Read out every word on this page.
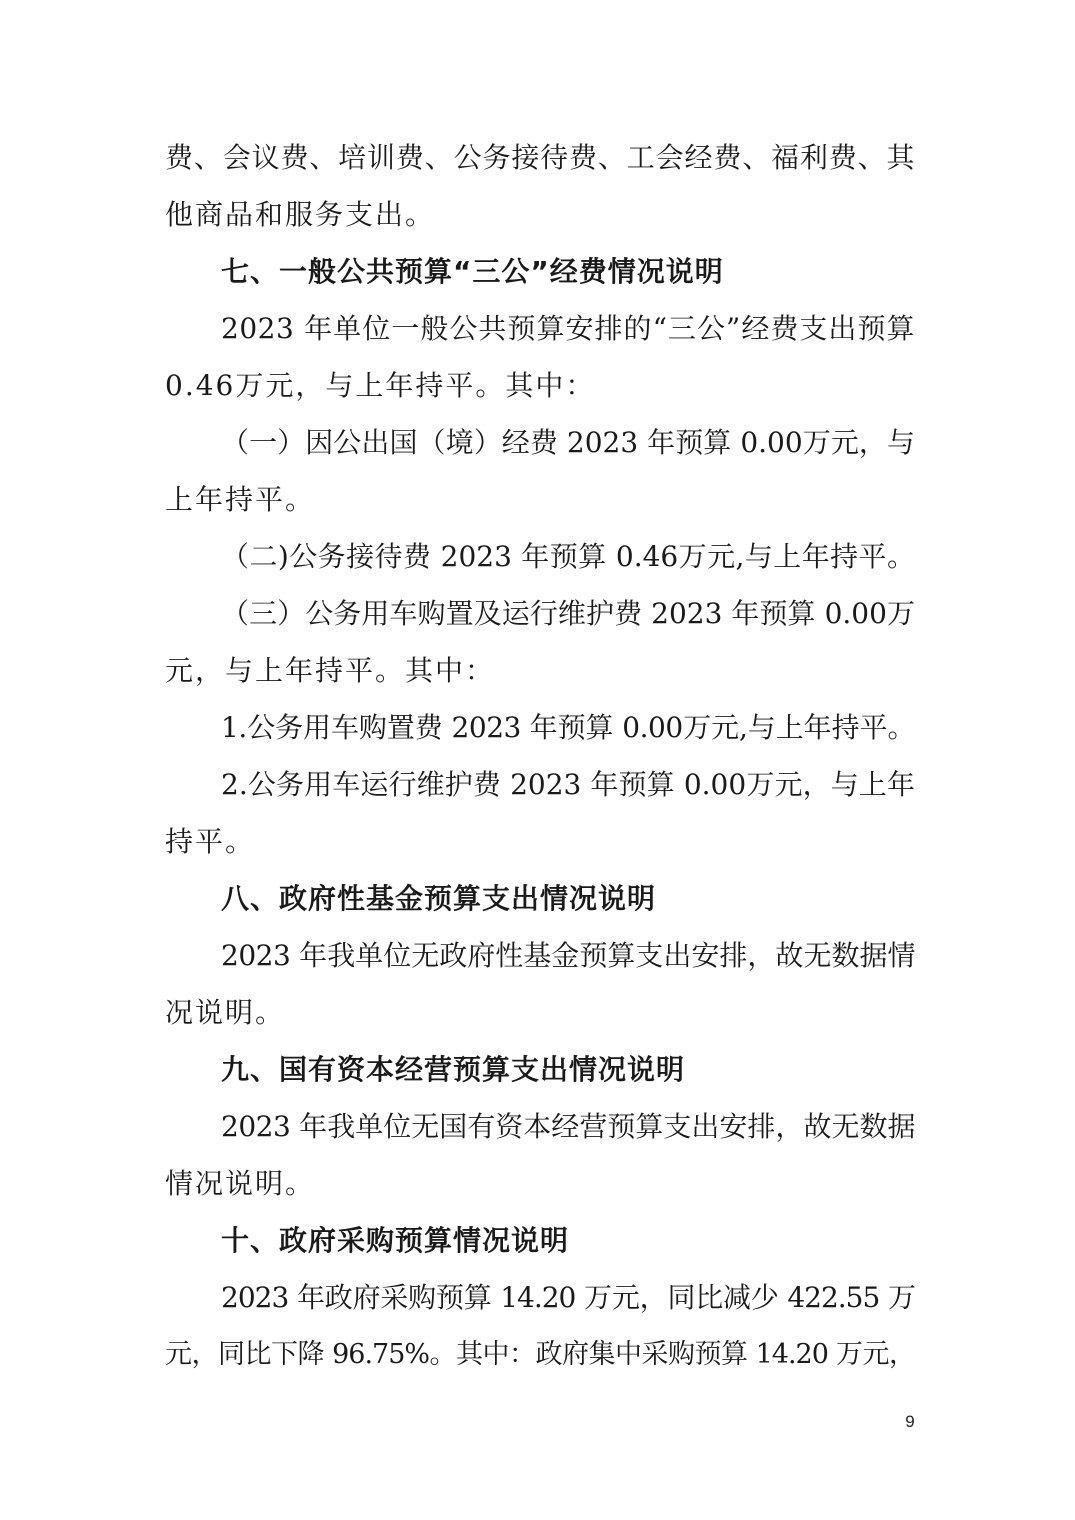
费、会议费、培训费、公务接待费、工会经费、福利费、其
他商品和服务支出。
七、一般公共预算“三公”经费情况说明
2023 年单位一般公共预算安排的“三公”经费支出预算
0.46万元，与上年持平。其中：
（一）因公出国（境）经费 2023 年预算 0.00万元，与
上年持平。
（二)公务接待费 2023 年预算 0.46万元,与上年持平。
（三）公务用车购置及运行维护费 2023 年预算 0.00万
元，与上年持平。其中：
1.公务用车购置费 2023 年预算 0.00万元,与上年持平。
2.公务用车运行维护费 2023 年预算 0.00万元，与上年
持平。
八、政府性基金预算支出情况说明
2023 年我单位无政府性基金预算支出安排，故无数据情
况说明。
九、国有资本经营预算支出情况说明
2023 年我单位无国有资本经营预算支出安排，故无数据
情况说明。
十、政府采购预算情况说明
2023 年政府采购预算 14.20 万元，同比减少 422.55 万
元，同比下降 96.75%。其中：政府集中采购预算 14.20 万元，
9
